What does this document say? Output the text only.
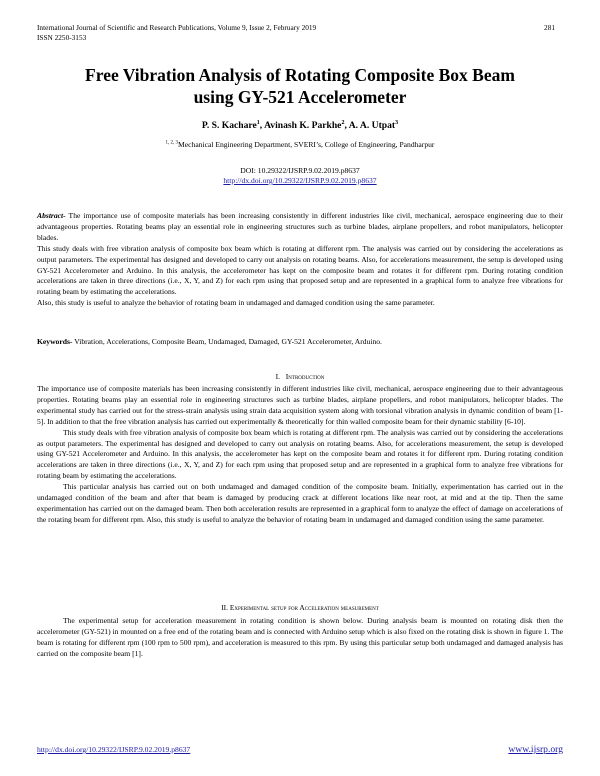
International Journal of Scientific and Research Publications, Volume 9, Issue 2, February 2019	281
ISSN 2250-3153
Free Vibration Analysis of Rotating Composite Box Beam
using GY-521 Accelerometer
P. S. Kachare$^1$, Avinash K. Parkhe$^2$, A. A. Utpat$^3$
$^{1, 2, 3}$Mechanical Engineering Department, SVERI’s, College of Engineering, Pandharpur
DOI: 10.29322/IJSRP.9.02.2019.p8637
http://dx.doi.org/10.29322/IJSRP.9.02.2019.p8637

Abstract- The importance use of composite materials has been increasing consistently in different industries like civil, mechanical, aerospace engineering due to their advantageous properties. Rotating beams play an essential role in engineering structures such as turbine blades, airplane propellers, and robot manipulators, helicopter blades.

This study deals with free vibration analysis of composite box beam which is rotating at different rpm. The analysis was carried out by considering the accelerations as output parameters. The experimental has designed and developed to carry out analysis on rotating beams. Also, for accelerations measurement, the setup is developed using GY-521 Accelerometer and Arduino. In this analysis, the accelerometer has kept on the composite beam and rotates it for different rpm. During rotating condition accelerations are taken in three directions (i.e., X, Y, and Z) for each rpm using that proposed setup and are represented in a graphical form to analyze free vibrations for rotating beam by estimating the accelerations.

Also, this study is useful to analyze the behavior of rotating beam in undamaged and damaged condition using the same parameter.

Keywords- Vibration, Accelerations, Composite Beam, Undamaged, Damaged, GY-521 Accelerometer, Arduino.
I. Introduction

The importance use of composite materials has been increasing consistently in different industries like civil, mechanical, aerospace engineering due to their advantageous properties. Rotating beams play an essential role in engineering structures such as turbine blades, airplane propellers, and robot manipulators, helicopter blades. The experimental study has carried out for the stress-strain analysis using strain data acquisition system along with torsional vibration analysis in dynamic condition of beam [1-5]. In addition to that the free vibration analysis has carried out experimentally & theoretically for thin walled composite beam for their dynamic stability [6-10].

This study deals with free vibration analysis of composite box beam which is rotating at different rpm. The analysis was carried out by considering the accelerations as output parameters. The experimental has designed and developed to carry out analysis on rotating beams. Also, for accelerations measurement, the setup is developed using GY-521 Accelerometer and Arduino. In this analysis, the accelerometer has kept on the composite beam and rotates it for different rpm. During rotating condition accelerations are taken in three directions (i.e., X, Y, and Z) for each rpm using that proposed setup and are represented in a graphical form to analyze free vibrations for rotating beam by estimating the accelerations.

This particular analysis has carried out on both undamaged and damaged condition of the composite beam. Initially, experimentation has carried out in the undamaged condition of the beam and after that beam is damaged by producing crack at different locations like near root, at mid and at the tip. Then the same experimentation has carried out on the damaged beam. Then both acceleration results are represented in a graphical form to analyze the effect of damage on accelerations of the rotating beam for different rpm. Also, this study is useful to analyze the behavior of rotating beam in undamaged and damaged condition using the same parameter.

II. Experimental setup for Acceleration measurement

The experimental setup for acceleration measurement in rotating condition is shown below. During analysis beam is mounted on rotating disk then the accelerometer (GY-521) in mounted on a free end of the rotating beam and is connected with Arduino setup which is also fixed on the rotating disk is shown in figure 1. The beam is rotating for different rpm (100 rpm to 500 rpm), and acceleration is measured to this rpm. By using this particular setup both undamaged and damaged analysis has carried on the composite beam [1].

http://dx.doi.org/10.29322/IJSRP.9.02.2019.p8637	www.ijsrp.org
